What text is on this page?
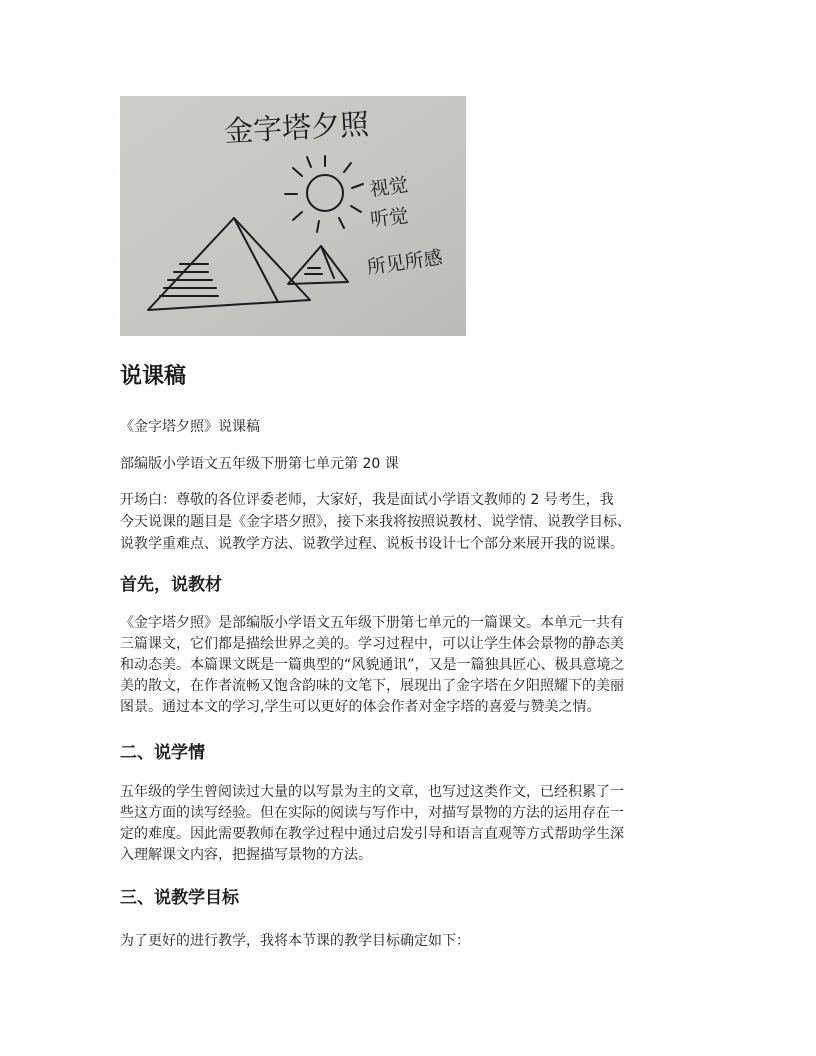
金字塔夕照
视觉
听觉
所见所感
说课稿

《金字塔夕照》说课稿

部编版小学语文五年级下册第七单元第 20 课

开场白：尊敬的各位评委老师，大家好，我是面试小学语文教师的 2 号考生，我
今天说课的题目是《金字塔夕照》，接下来我将按照说教材、说学情、说教学目标、
说教学重难点、说教学方法、说教学过程、说板书设计七个部分来展开我的说课。

首先，说教材

《金字塔夕照》是部编版小学语文五年级下册第七单元的一篇课文。本单元一共有
三篇课文，它们都是描绘世界之美的。学习过程中，可以让学生体会景物的静态美
和动态美。本篇课文既是一篇典型的“风貌通讯”，又是一篇独具匠心、极具意境之
美的散文，在作者流畅又饱含韵味的文笔下，展现出了金字塔在夕阳照耀下的美丽
图景。通过本文的学习,学生可以更好的体会作者对金字塔的喜爱与赞美之情。

二、说学情

五年级的学生曾阅读过大量的以写景为主的文章，也写过这类作文，已经积累了一
些这方面的读写经验。但在实际的阅读与写作中，对描写景物的方法的运用存在一
定的难度。因此需要教师在教学过程中通过启发引导和语言直观等方式帮助学生深
入理解课文内容，把握描写景物的方法。

三、说教学目标

为了更好的进行教学，我将本节课的教学目标确定如下：
